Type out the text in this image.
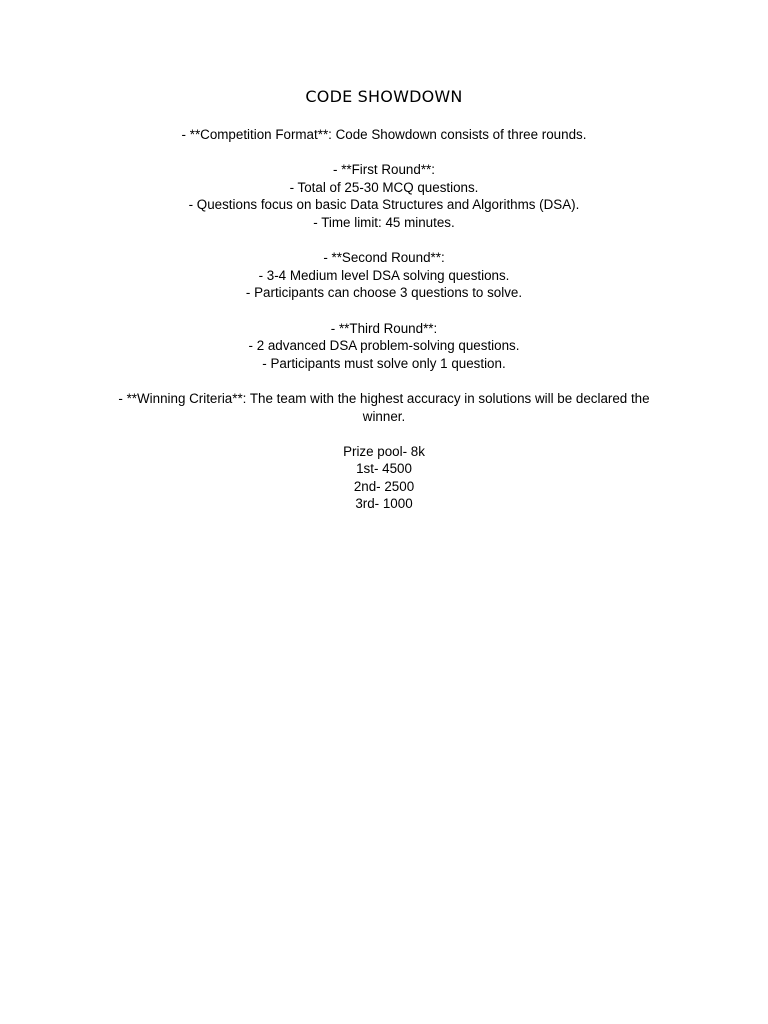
CODE SHOWDOWN
- **Competition Format**: Code Showdown consists of three rounds.
- **First Round**:
- Total of 25-30 MCQ questions.
- Questions focus on basic Data Structures and Algorithms (DSA).
- Time limit: 45 minutes.
- **Second Round**:
- 3-4 Medium level DSA solving questions.
- Participants can choose 3 questions to solve.
- **Third Round**:
- 2 advanced DSA problem-solving questions.
- Participants must solve only 1 question.
- **Winning Criteria**: The team with the highest accuracy in solutions will be declared the winner.
Prize pool- 8k
1st- 4500
2nd- 2500
3rd- 1000
